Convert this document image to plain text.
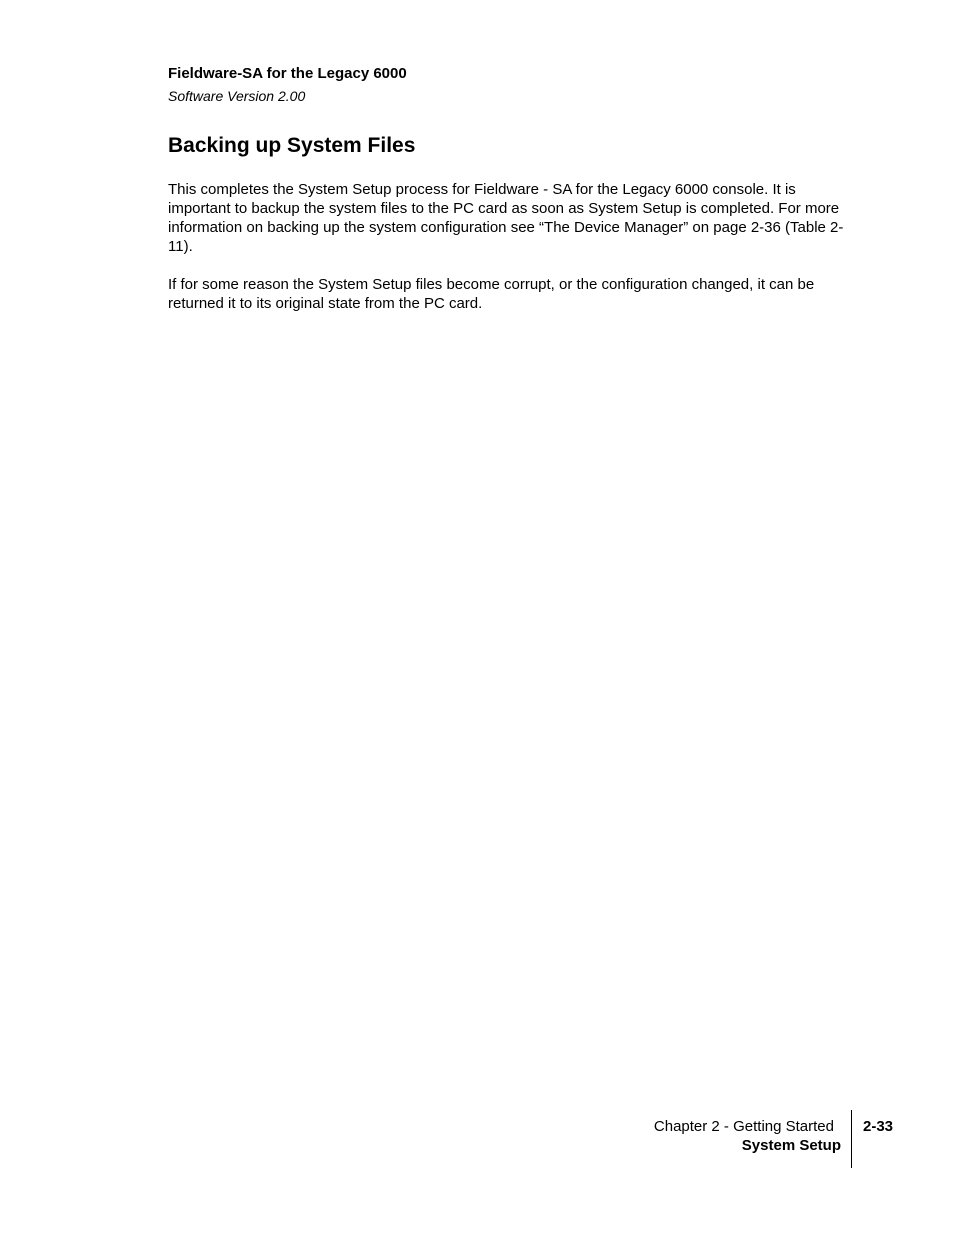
Fieldware-SA for the Legacy 6000
Software Version 2.00
Backing up System Files

This completes the System Setup process for Fieldware - SA for the Legacy 6000 console. It is important to backup the system files to the PC card as soon as System Setup is completed. For more information on backing up the system configuration see “The Device Manager” on page 2-36 (Table 2-11).

If for some reason the System Setup files become corrupt, or the configuration changed, it can be returned it to its original state from the PC card.

Chapter 2 - Getting Started
System Setup
2-33
